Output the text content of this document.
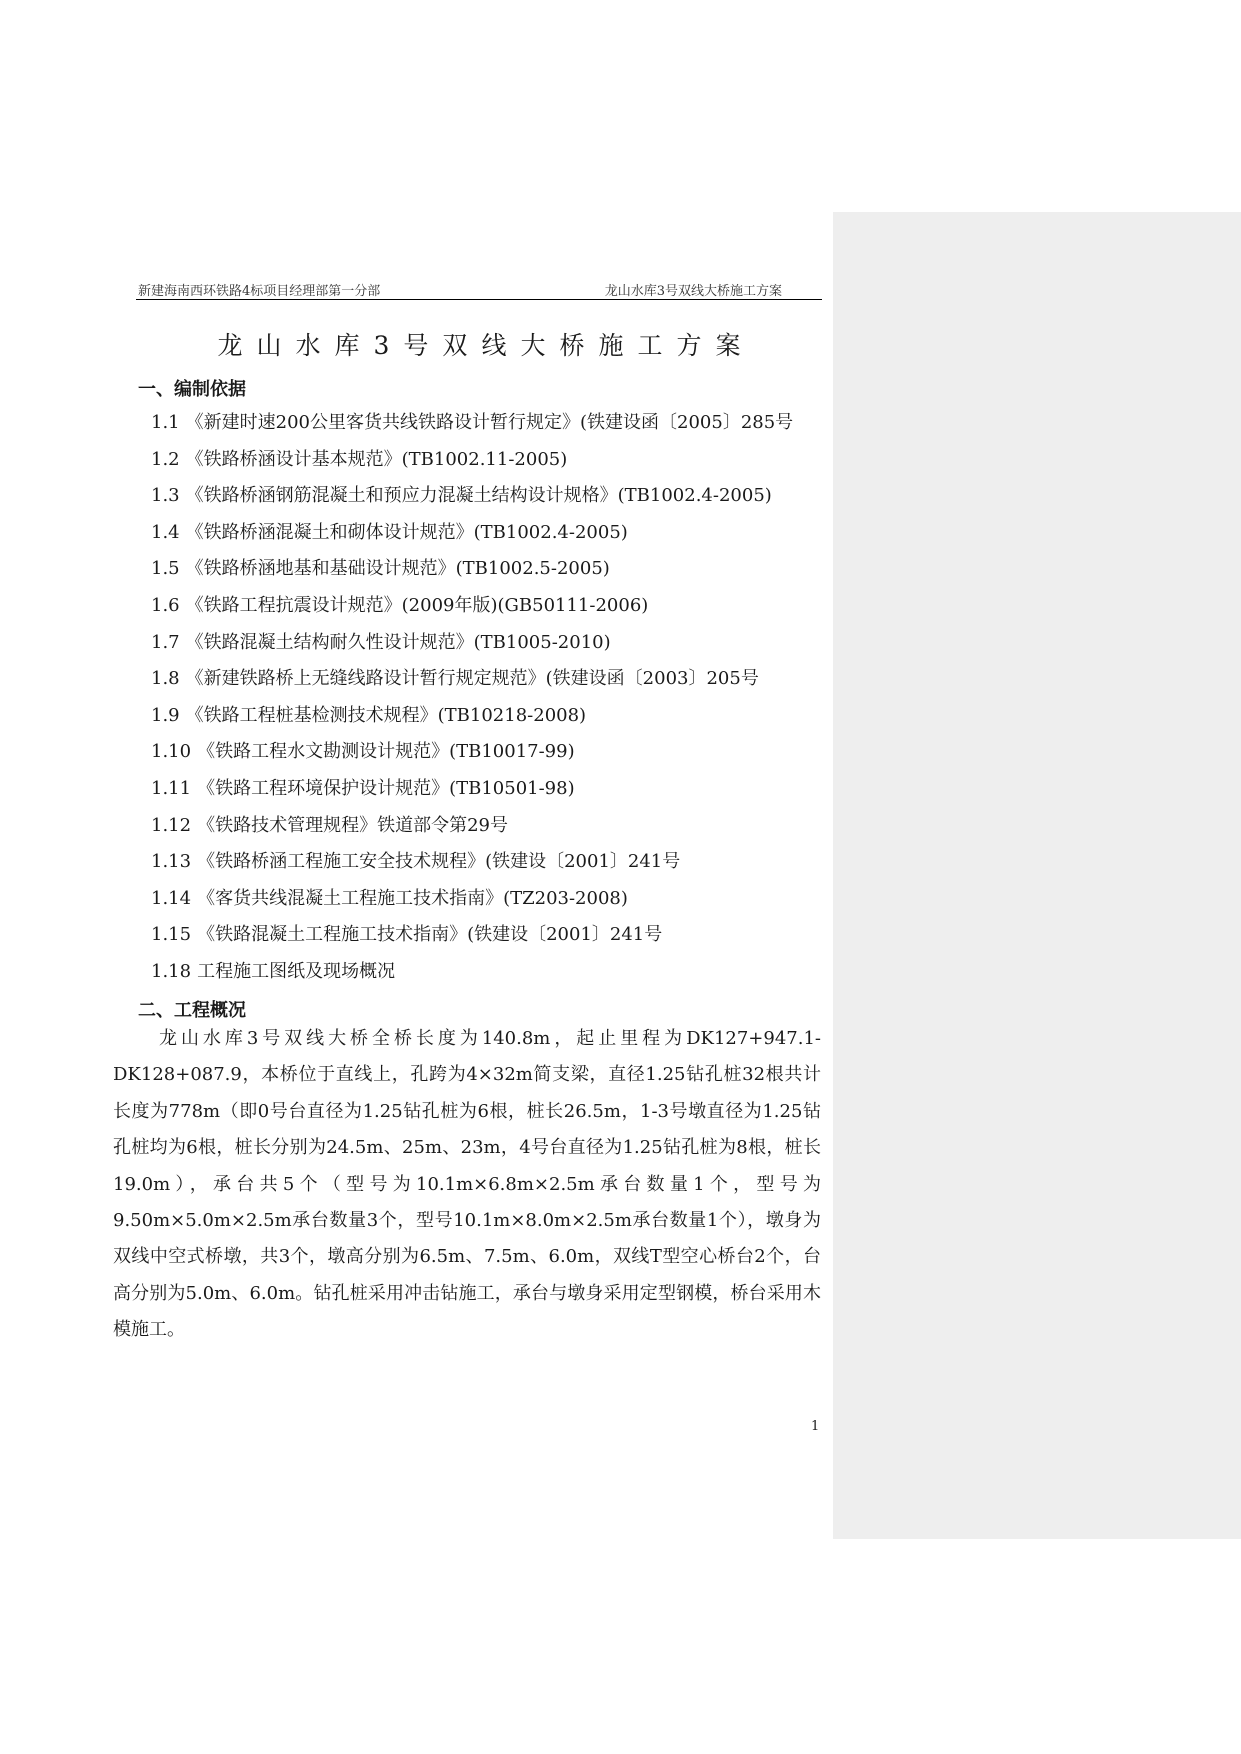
新建海南西环铁路4标项目经理部第一分部	龙山水库3号双线大桥施工方案
龙山水库3号双线大桥施工方案
一、编制依据
1.1 《新建时速200公里客货共线铁路设计暂行规定》(铁建设函〔2005〕285号
1.2 《铁路桥涵设计基本规范》(TB1002.11-2005)
1.3 《铁路桥涵钢筋混凝土和预应力混凝土结构设计规格》(TB1002.4-2005)
1.4 《铁路桥涵混凝土和砌体设计规范》(TB1002.4-2005)
1.5 《铁路桥涵地基和基础设计规范》(TB1002.5-2005)
1.6 《铁路工程抗震设计规范》(2009年版)(GB50111-2006)
1.7 《铁路混凝土结构耐久性设计规范》(TB1005-2010)
1.8 《新建铁路桥上无缝线路设计暂行规定规范》(铁建设函〔2003〕205号
1.9 《铁路工程桩基检测技术规程》(TB10218-2008)
1.10 《铁路工程水文勘测设计规范》(TB10017-99)
1.11 《铁路工程环境保护设计规范》(TB10501-98)
1.12 《铁路技术管理规程》铁道部令第29号
1.13 《铁路桥涵工程施工安全技术规程》(铁建设〔2001〕241号
1.14 《客货共线混凝土工程施工技术指南》(TZ203-2008)
1.15 《铁路混凝土工程施工技术指南》(铁建设〔2001〕241号
1.18 工程施工图纸及现场概况
二、工程概况

龙山水库3号双线大桥全桥长度为140.8m，起止里程为DK127+947.1-DK128+087.9，本桥位于直线上，孔跨为4×32m简支梁，直径1.25钻孔桩32根共计长度为778m（即0号台直径为1.25钻孔桩为6根，桩长26.5m，1-3号墩直径为1.25钻孔桩均为6根，桩长分别为24.5m、25m、23m，4号台直径为1.25钻孔桩为8根，桩长19.0m），承台共5个（型号为10.1m×6.8m×2.5m承台数量1个，型号为9.50m×5.0m×2.5m承台数量3个，型号10.1m×8.0m×2.5m承台数量1个），墩身为双线中空式桥墩，共3个，墩高分别为6.5m、7.5m、6.0m，双线T型空心桥台2个，台高分别为5.0m、6.0m。钻孔桩采用冲击钻施工，承台与墩身采用定型钢模，桥台采用木模施工。

1
